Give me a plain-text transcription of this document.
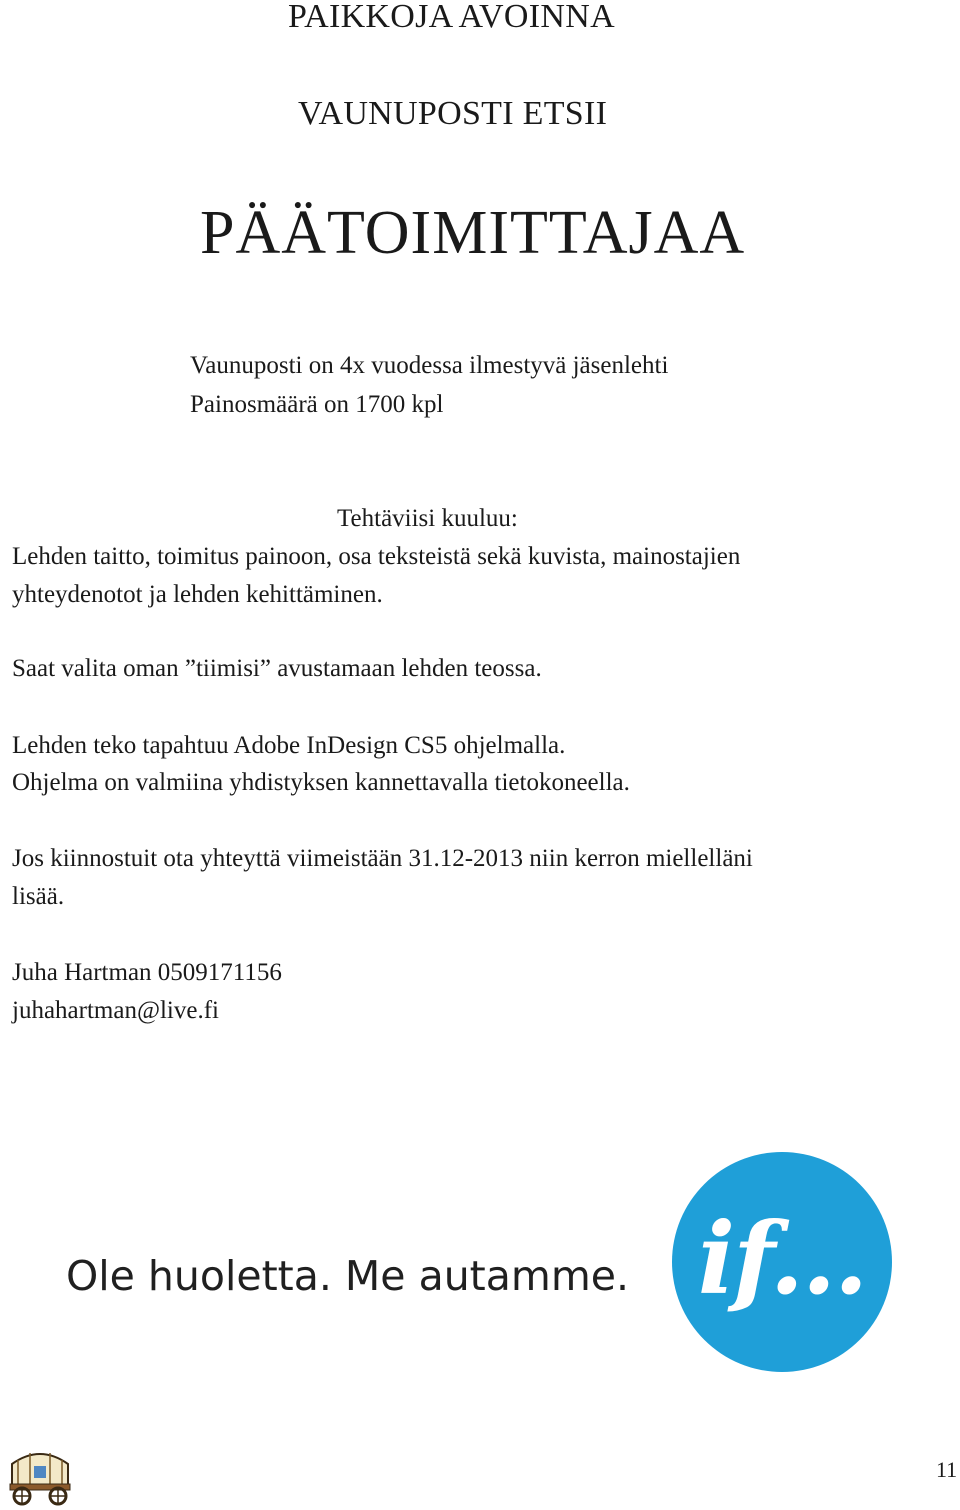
PAIKKOJA AVOINNA
VAUNUPOSTI ETSII
PÄÄTOIMITTAJAA
Vaunuposti on 4x vuodessa ilmestyvä jäsenlehti
Painosmäärä on 1700 kpl
Tehtäviisi kuuluu:
Lehden taitto, toimitus painoon, osa teksteistä sekä kuvista, mainostajien
yhteydenotot ja lehden kehittäminen.
Saat valita oman ”tiimisi” avustamaan lehden teossa.
Lehden teko tapahtuu Adobe InDesign CS5 ohjelmalla.
Ohjelma on valmiina yhdistyksen kannettavalla tietokoneella.
Jos kiinnostuit ota yhteyttä viimeistään 31.12-2013 niin kerron miellelläni
lisää.
Juha Hartman 0509171156
juhahartman@live.fi
Ole huoletta. Me autamme. if...
11
